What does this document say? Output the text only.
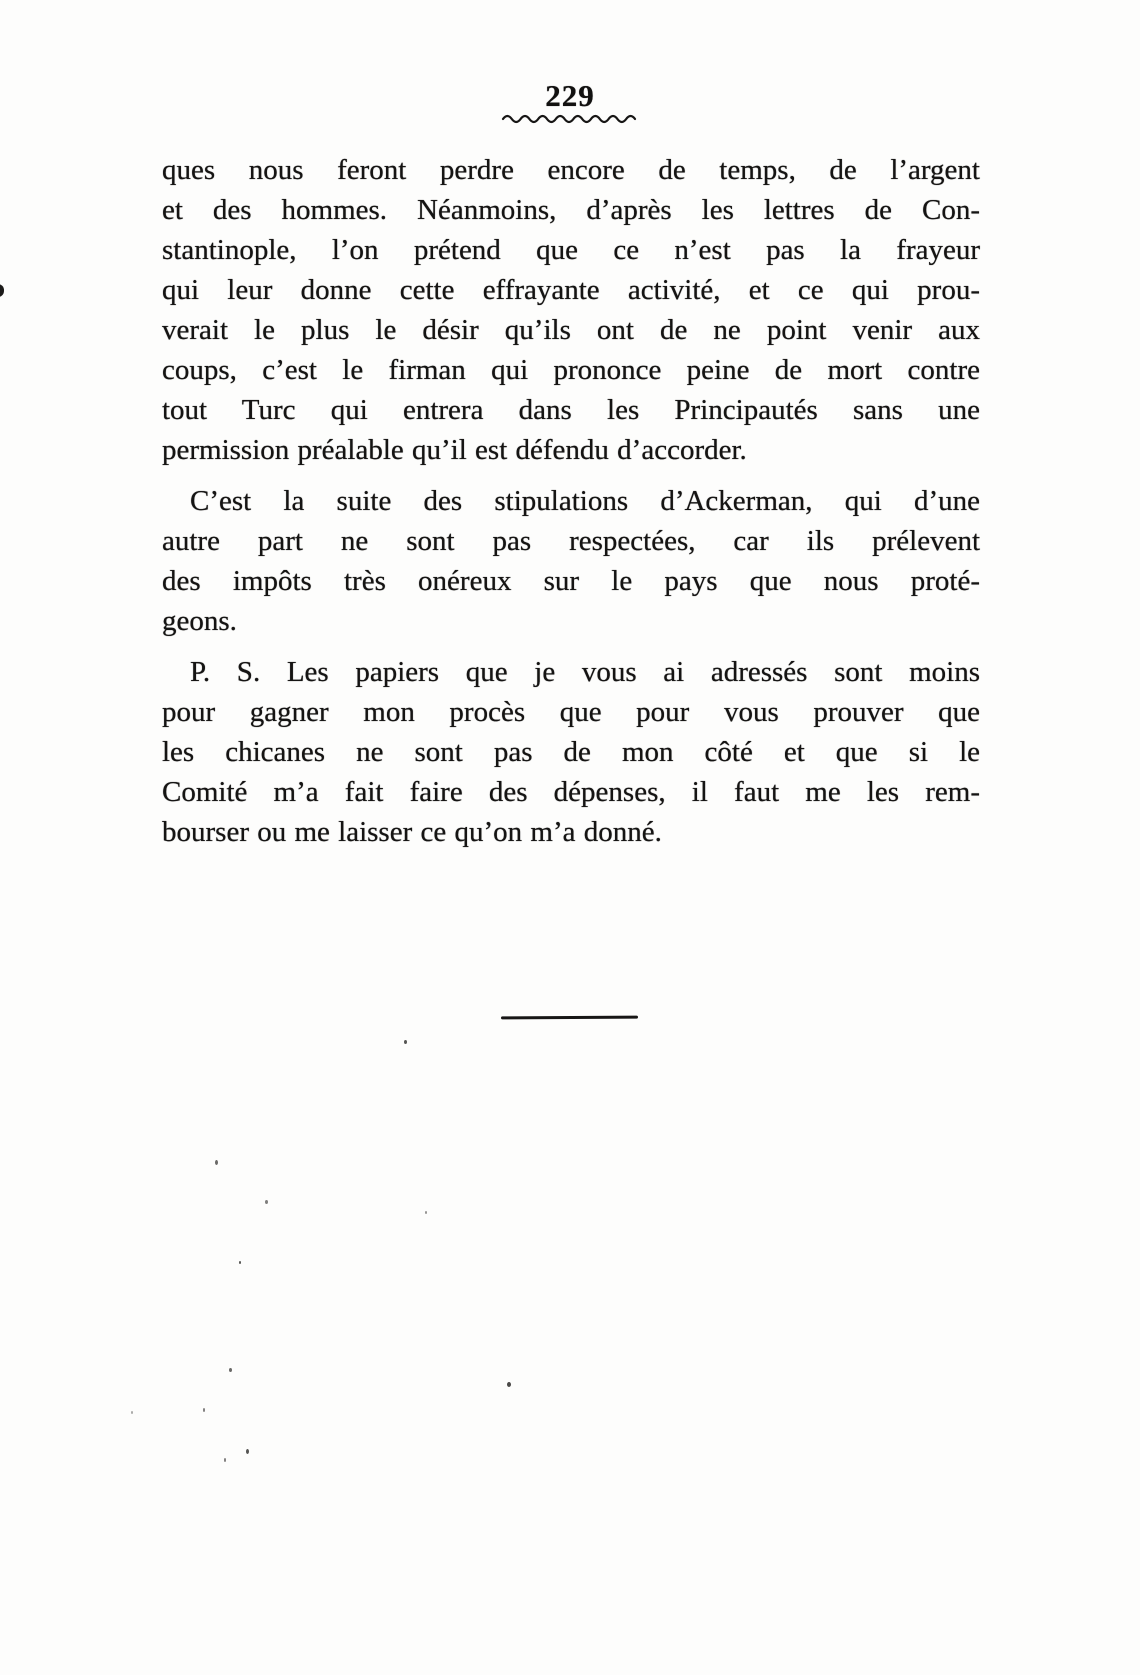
229
ques nous feront perdre encore de temps, de l’argent
et des hommes. Néanmoins, d’après les lettres de Con-
stantinople, l’on prétend que ce n’est pas la frayeur
qui leur donne cette effrayante activité, et ce qui prou-
verait le plus le désir qu’ils ont de ne point venir aux
coups, c’est le firman qui prononce peine de mort contre
tout Turc qui entrera dans les Principautés sans une
permission préalable qu’il est défendu d’accorder.
C’est la suite des stipulations d’Ackerman, qui d’une
autre part ne sont pas respectées, car ils prélevent
des impôts très onéreux sur le pays que nous proté-
geons.
P. S. Les papiers que je vous ai adressés sont moins
pour gagner mon procès que pour vous prouver que
les chicanes ne sont pas de mon côté et que si le
Comité m’a fait faire des dépenses, il faut me les rem-
bourser ou me laisser ce qu’on m’a donné.
